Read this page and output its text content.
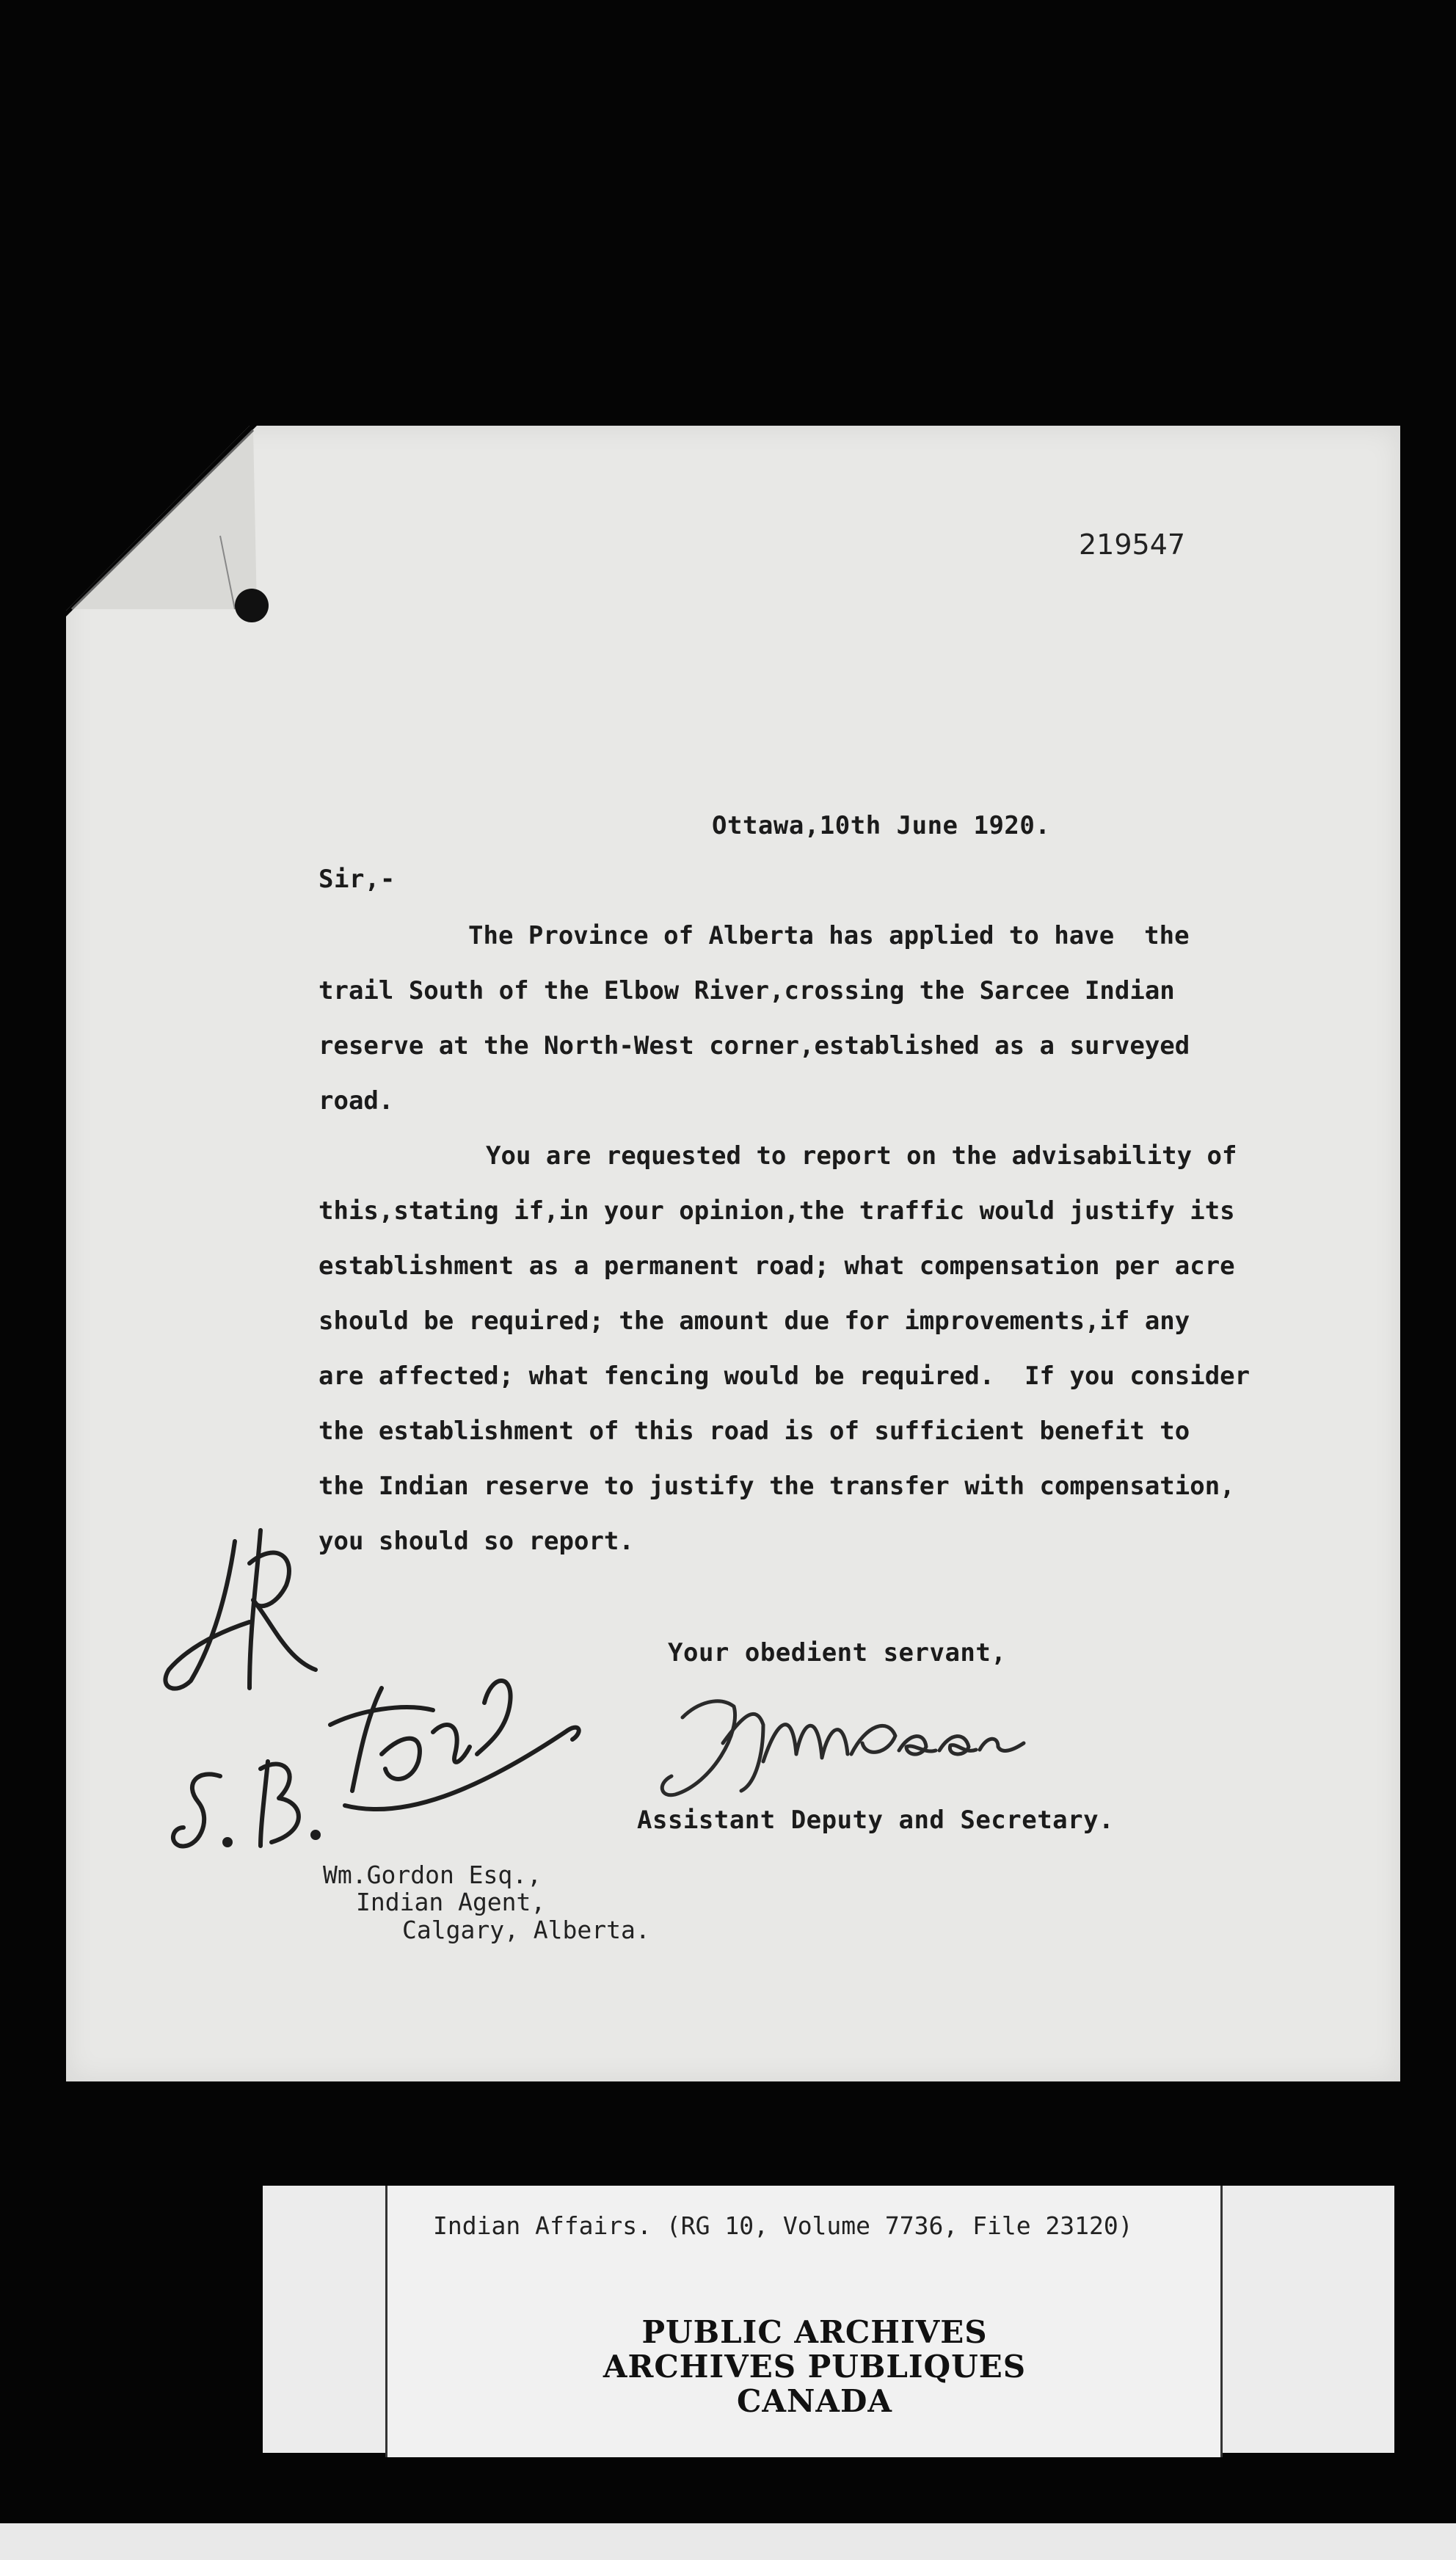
219547
Ottawa,10th June 1920.
Sir,-
The Province of Alberta has applied to have  the
trail South of the Elbow River,crossing the Sarcee Indian
reserve at the North-West corner,established as a surveyed
road.
You are requested to report on the advisability of
this,stating if,in your opinion,the traffic would justify its
establishment as a permanent road; what compensation per acre
should be required; the amount due for improvements,if any
are affected; what fencing would be required.  If you consider
the establishment of this road is of sufficient benefit to
the Indian reserve to justify the transfer with compensation,
you should so report.
Your obedient servant,
Assistant Deputy and Secretary.
Wm.Gordon Esq.,
Indian Agent,
Calgary, Alberta.
Indian Affairs. (RG 10, Volume 7736, File 23120)
PUBLIC ARCHIVES
ARCHIVES PUBLIQUES
CANADA
